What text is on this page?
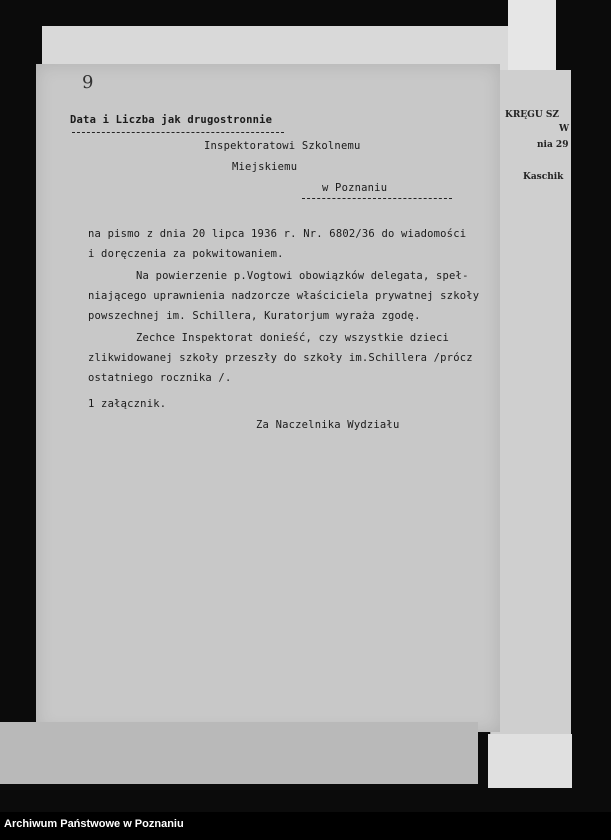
KRĘGU SZ
W
nia 29
Kaschik
9
Data i Liczba jak drugostronnie
Inspektoratowi Szkolnemu
Miejskiemu
w Poznaniu
na pismo z dnia 20 lipca 1936 r. Nr. 6802/36 do wiadomości
i doręczenia za pokwitowaniem.
Na powierzenie p.Vogtowi obowiązków delegata, speł-
niającego uprawnienia nadzorcze właściciela prywatnej szkoły
powszechnej im. Schillera, Kuratorjum wyraża zgodę.
Zechce Inspektorat donieść, czy wszystkie dzieci
zlikwidowanej szkoły przeszły do szkoły im.Schillera /prócz
ostatniego rocznika /.
1 załącznik.
Za Naczelnika Wydziału
Archiwum Państwowe w Poznaniu
